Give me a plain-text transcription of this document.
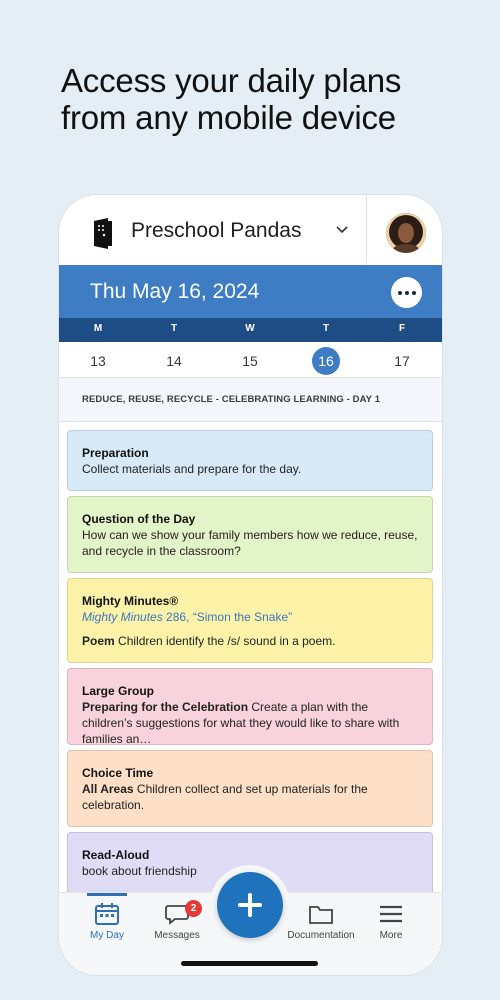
Access your daily plans
from any mobile device
Preschool Pandas
Thu May 16, 2024
M	T	W	T	F
13	14	15	16	17
REDUCE, REUSE, RECYCLE - CELEBRATING LEARNING - DAY 1
Preparation
Collect materials and prepare for the day.
Question of the Day
How can we show your family members how we reduce, reuse, and recycle in the classroom?
Mighty Minutes®
Mighty Minutes 286, “Simon the Snake”
Poem Children identify the /s/ sound in a poem.
Large Group
Preparing for the Celebration Create a plan with the children’s suggestions for what they would like to share with families an…
Choice Time
All Areas Children collect and set up materials for the celebration.
Read-Aloud
book about friendship
My Day
2
Messages	Documentation	More
